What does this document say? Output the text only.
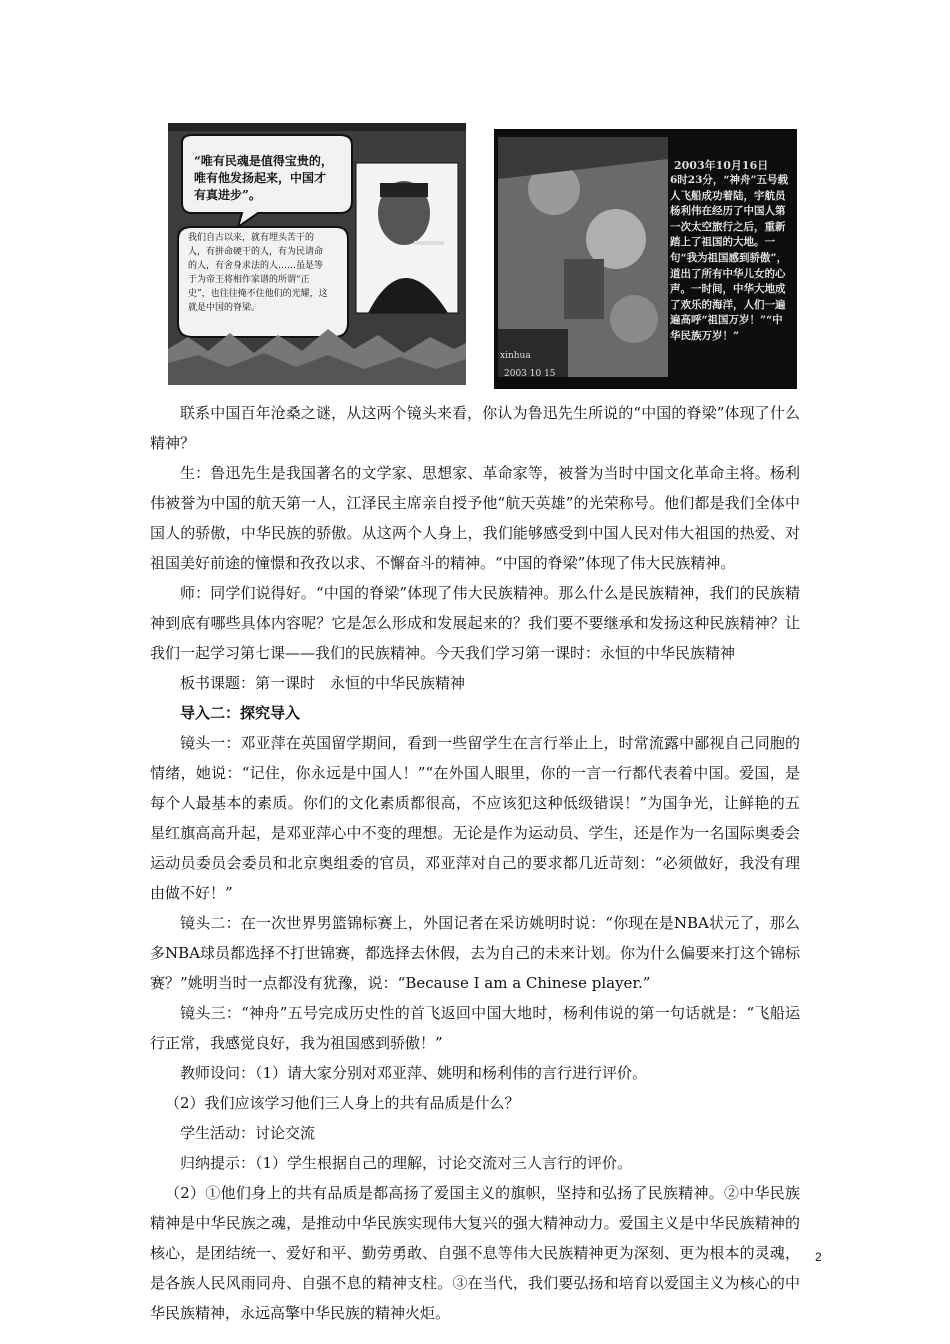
“唯有民魂是值得宝贵的，唯有他发扬起来，中国才有真进步”。
我们自古以来，就有埋头苦干的人，有拼命硬干的人，有为民请命的人，有舍身求法的人……虽是等于为帝王将相作家谱的所谓“正史”，也往往掩不住他们的光耀，这就是中国的脊梁。
2003年10月16日
6时23分，“神舟”五号载人飞船成功着陆，宇航员杨利伟在经历了中国人第一次太空旅行之后，重新踏上了祖国的大地。一句“我为祖国感到骄傲”，道出了所有中华儿女的心声。一时间，中华大地成了欢乐的海洋，人们一遍遍高呼“祖国万岁！”“中华民族万岁！”
xinhua
2003 10 15

联系中国百年沧桑之谜，从这两个镜头来看，你认为鲁迅先生所说的“中国的脊梁”体现了什么精神？

生：鲁迅先生是我国著名的文学家、思想家、革命家等，被誉为当时中国文化革命主将。杨利伟被誉为中国的航天第一人，江泽民主席亲自授予他“航天英雄”的光荣称号。他们都是我们全体中国人的骄傲，中华民族的骄傲。从这两个人身上，我们能够感受到中国人民对伟大祖国的热爱、对祖国美好前途的憧憬和孜孜以求、不懈奋斗的精神。“中国的脊梁”体现了伟大民族精神。

师：同学们说得好。“中国的脊梁”体现了伟大民族精神。那么什么是民族精神，我们的民族精神到底有哪些具体内容呢？它是怎么形成和发展起来的？我们要不要继承和发扬这种民族精神？让我们一起学习第七课——我们的民族精神。今天我们学习第一课时：永恒的中华民族精神

板书课题：第一课时　永恒的中华民族精神

导入二：探究导入

镜头一：邓亚萍在英国留学期间，看到一些留学生在言行举止上，时常流露中鄙视自己同胞的情绪，她说：“记住，你永远是中国人！”“在外国人眼里，你的一言一行都代表着中国。爱国，是每个人最基本的素质。你们的文化素质都很高，不应该犯这种低级错误！”为国争光，让鲜艳的五星红旗高高升起，是邓亚萍心中不变的理想。无论是作为运动员、学生，还是作为一名国际奥委会运动员委员会委员和北京奥组委的官员，邓亚萍对自己的要求都几近苛刻：“必须做好，我没有理由做不好！”

镜头二：在一次世界男篮锦标赛上，外国记者在采访姚明时说：“你现在是NBA状元了，那么多NBA球员都选择不打世锦赛，都选择去休假，去为自己的未来计划。你为什么偏要来打这个锦标赛？”姚明当时一点都没有犹豫，说：“Because I am a Chinese player.”

镜头三：“神舟”五号完成历史性的首飞返回中国大地时，杨利伟说的第一句话就是：“飞船运行正常，我感觉良好，我为祖国感到骄傲！”

教师设问：（1）请大家分别对邓亚萍、姚明和杨利伟的言行进行评价。

（2）我们应该学习他们三人身上的共有品质是什么？

学生活动：讨论交流

归纳提示：（1）学生根据自己的理解，讨论交流对三人言行的评价。

（2）①他们身上的共有品质是都高扬了爱国主义的旗帜，坚持和弘扬了民族精神。②中华民族精神是中华民族之魂，是推动中华民族实现伟大复兴的强大精神动力。爱国主义是中华民族精神的核心，是团结统一、爱好和平、勤劳勇敢、自强不息等伟大民族精神更为深刻、更为根本的灵魂，是各族人民风雨同舟、自强不息的精神支柱。③在当代，我们要弘扬和培育以爱国主义为核心的中华民族精神，永远高擎中华民族的精神火炬。

2
